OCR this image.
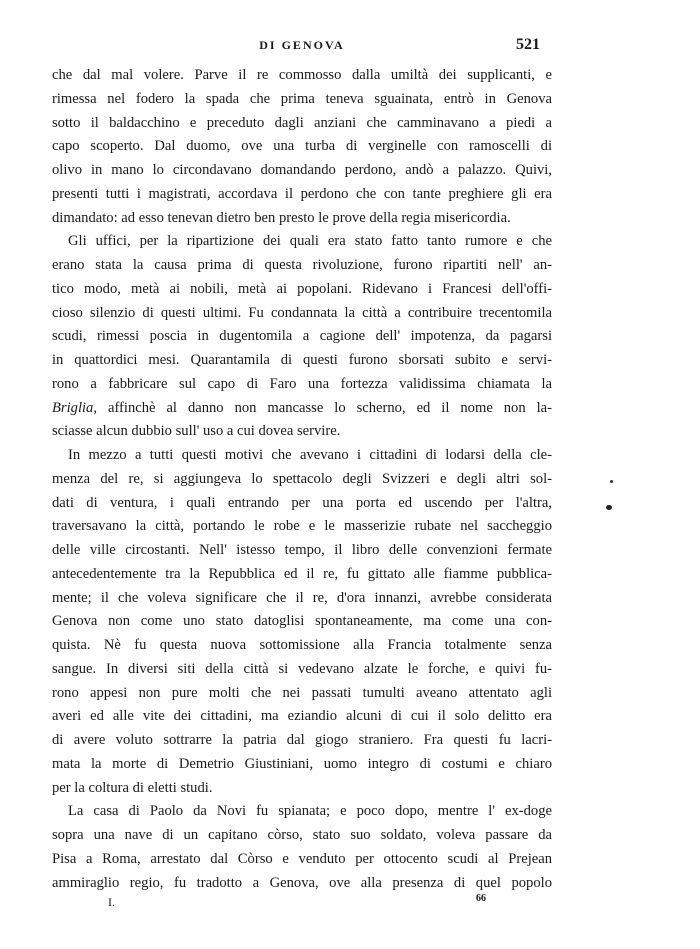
DI GENOVA	521

che dal mal volere. Parve il re commosso dalla umiltà dei supplicanti, e

rimessa nel fodero la spada che prima teneva sguainata, entrò in Genova

sotto il baldacchino e preceduto dagli anziani che camminavano a piedi a

capo scoperto. Dal duomo, ove una turba di verginelle con ramoscelli di

olivo in mano lo circondavano domandando perdono, andò a palazzo. Quivi,

presenti tutti i magistrati, accordava il perdono che con tante preghiere gli era

dimandato: ad esso tenevan dietro ben presto le prove della regia misericordia.

Gli uffici, per la ripartizione dei quali era stato fatto tanto rumore e che

erano stata la causa prima di questa rivoluzione, furono ripartiti nell' an-

tico modo, metà ai nobili, metà ai popolani. Ridevano i Francesi dell'offi-

cioso silenzio di questi ultimi. Fu condannata la città a contribuire trecentomila

scudi, rimessi poscia in dugentomila a cagione dell' impotenza, da pagarsi

in quattordici mesi. Quarantamila di questi furono sborsati subito e servi-

rono a fabbricare sul capo di Faro una fortezza validissima chiamata la

Briglia, affinchè al danno non mancasse lo scherno, ed il nome non la-

sciasse alcun dubbio sull' uso a cui dovea servire.

In mezzo a tutti questi motivi che avevano i cittadini di lodarsi della cle-

menza del re, si aggiungeva lo spettacolo degli Svizzeri e degli altri sol-

dati di ventura, i quali entrando per una porta ed uscendo per l'altra,

traversavano la città, portando le robe e le masserizie rubate nel saccheggio

delle ville circostanti. Nell' istesso tempo, il libro delle convenzioni fermate

antecedentemente tra la Repubblica ed il re, fu gittato alle fiamme pubblica-

mente; il che voleva significare che il re, d'ora innanzi, avrebbe considerata

Genova non come uno stato datoglisi spontaneamente, ma come una con-

quista. Nè fu questa nuova sottomissione alla Francia totalmente senza

sangue. In diversi siti della città si vedevano alzate le forche, e quivi fu-

rono appesi non pure molti che nei passati tumulti aveano attentato agli

averi ed alle vite dei cittadini, ma eziandio alcuni di cui il solo delitto era

di avere voluto sottrarre la patria dal giogo straniero. Fra questi fu lacri-

mata la morte di Demetrio Giustiniani, uomo integro di costumi e chiaro

per la coltura di eletti studi.

La casa di Paolo da Novi fu spianata; e poco dopo, mentre l' ex-doge

sopra una nave di un capitano còrso, stato suo soldato, voleva passare da

Pisa a Roma, arrestato dal Còrso e venduto per ottocento scudi al Prejean

ammiraglio regio, fu tradotto a Genova, ove alla presenza di quel popolo

I.	66
